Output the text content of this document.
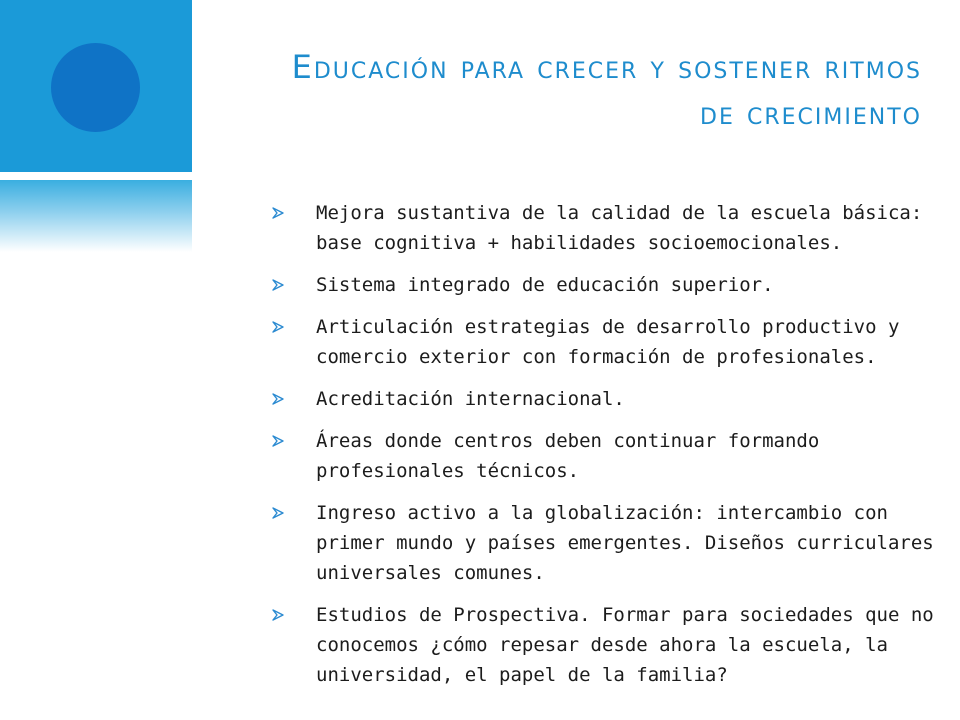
Educación para crecer y sostener ritmos de crecimiento
Mejora sustantiva de la calidad de la escuela básica: base cognitiva + habilidades socioemocionales.
Sistema integrado de educación superior.
Articulación estrategias de desarrollo productivo y comercio exterior con formación de profesionales.
Acreditación internacional.
Áreas donde centros deben continuar formando profesionales técnicos.
Ingreso activo a la globalización: intercambio con primer mundo y países emergentes. Diseños curriculares universales comunes.
Estudios de Prospectiva. Formar para sociedades que no conocemos ¿cómo repesar desde ahora la escuela, la universidad, el papel de la familia?
